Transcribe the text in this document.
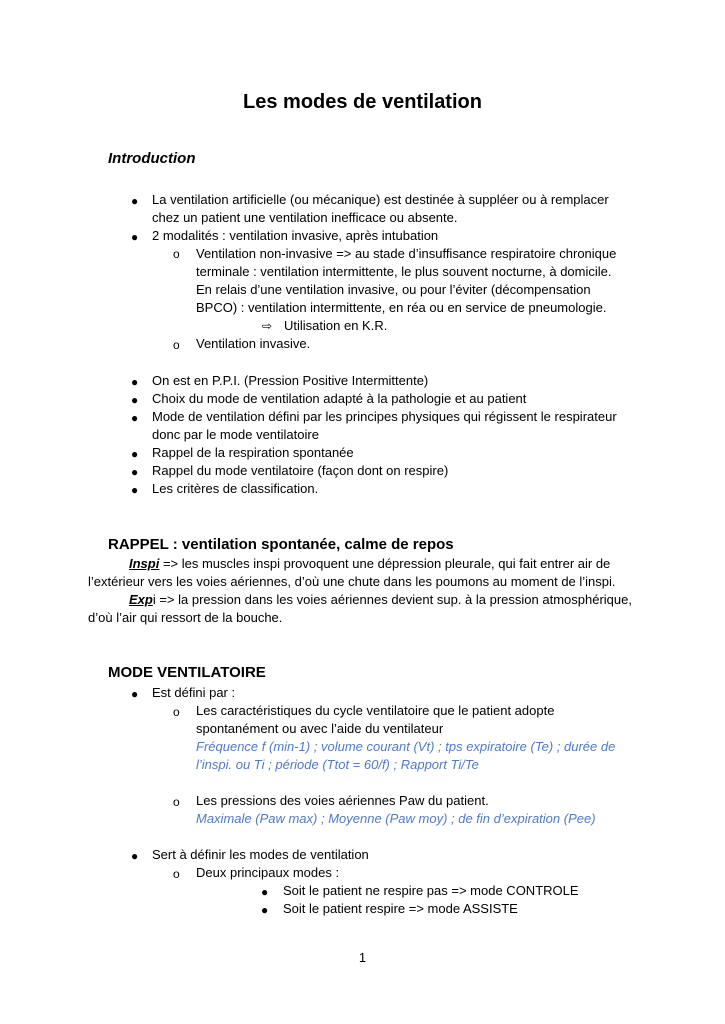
Les modes de ventilation
Introduction
● La ventilation artificielle (ou mécanique) est destinée à suppléer ou à remplacer
chez un patient une ventilation inefficace ou absente.
● 2 modalités : ventilation invasive, après intubation
o Ventilation non-invasive => au stade d’insuffisance respiratoire chronique
terminale : ventilation intermittente, le plus souvent nocturne, à domicile.
En relais d’une ventilation invasive, ou pour l’éviter (décompensation
BPCO) : ventilation intermittente, en réa ou en service de pneumologie.
⇨ Utilisation en K.R.
o Ventilation invasive.
● On est en P.P.I. (Pression Positive Intermittente)
● Choix du mode de ventilation adapté à la pathologie et au patient
● Mode de ventilation défini par les principes physiques qui régissent le respirateur
donc par le mode ventilatoire
● Rappel de la respiration spontanée
● Rappel du mode ventilatoire (façon dont on respire)
● Les critères de classification.
RAPPEL : ventilation spontanée, calme de repos
Inspi => les muscles inspi provoquent une dépression pleurale, qui fait entrer air de
l’extérieur vers les voies aériennes, d’où une chute dans les poumons au moment de l’inspi.
Expi => la pression dans les voies aériennes devient sup. à la pression atmosphérique,
d’où l’air qui ressort de la bouche.
MODE VENTILATOIRE
● Est défini par :
o Les caractéristiques du cycle ventilatoire que le patient adopte
spontanément ou avec l’aide du ventilateur
Fréquence f (min-1) ; volume courant (Vt) ; tps expiratoire (Te) ; durée de
l’inspi. ou Ti ; période (Ttot = 60/f) ; Rapport Ti/Te
o Les pressions des voies aériennes Paw du patient.
Maximale (Paw max) ; Moyenne (Paw moy) ; de fin d’expiration (Pee)
● Sert à définir les modes de ventilation
o Deux principaux modes :
● Soit le patient ne respire pas => mode CONTROLE
● Soit le patient respire => mode ASSISTE
1
